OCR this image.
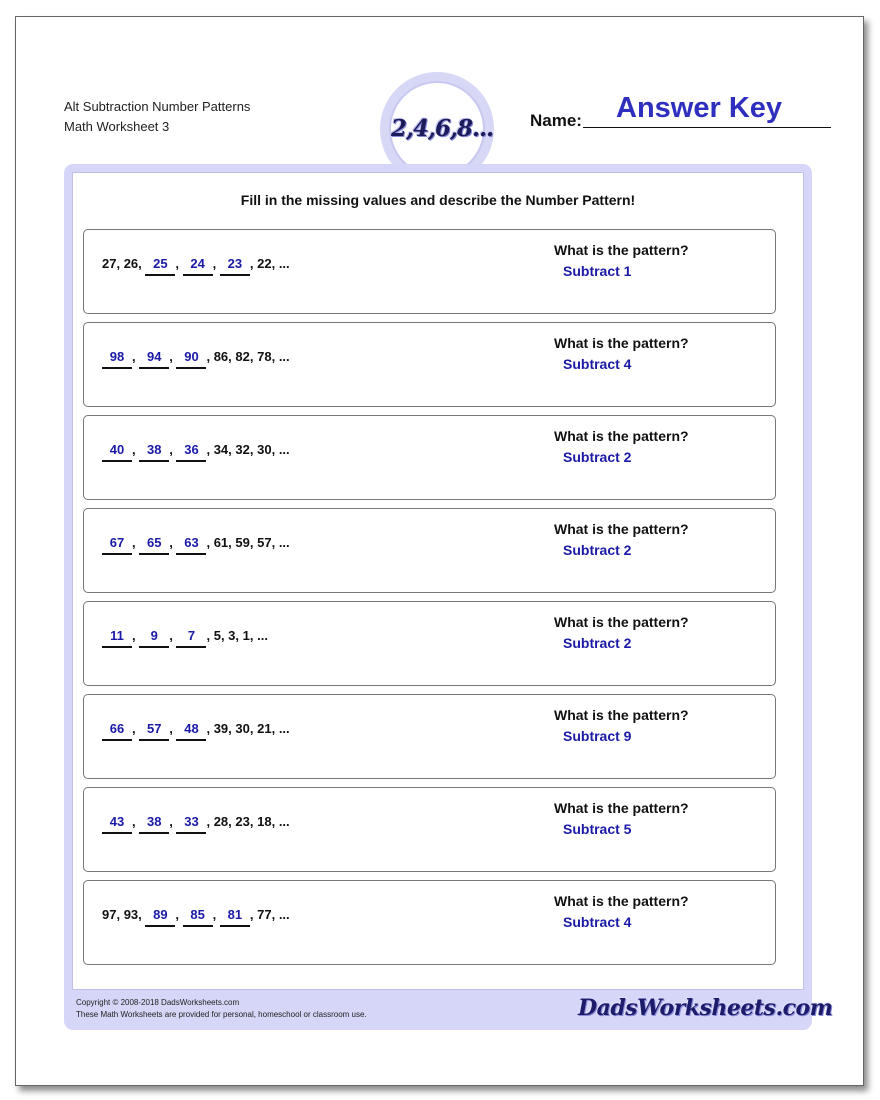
Alt Subtraction Number Patterns
Math Worksheet 3	2,4,6,8... Name: Answer Key
Fill in the missing values and describe the Number Pattern!
27, 26, 25 , 24 , 23 , 22, ...
What is the pattern?
Subtract 1
98 , 94 , 90 , 86, 82, 78, ...
What is the pattern?
Subtract 4
40 , 38 , 36 , 34, 32, 30, ...
What is the pattern?
Subtract 2
67 , 65 , 63 , 61, 59, 57, ...
What is the pattern?
Subtract 2
11 , 9 , 7 , 5, 3, 1, ...
What is the pattern?
Subtract 2
66 , 57 , 48 , 39, 30, 21, ...
What is the pattern?
Subtract 9
43 , 38 , 33 , 28, 23, 18, ...
What is the pattern?
Subtract 5
97, 93, 89 , 85 , 81 , 77, ...
What is the pattern?
Subtract 4
Copyright © 2008-2018 DadsWorksheets.com
These Math Worksheets are provided for personal, homeschool or classroom use.	DadsWorksheets.com
